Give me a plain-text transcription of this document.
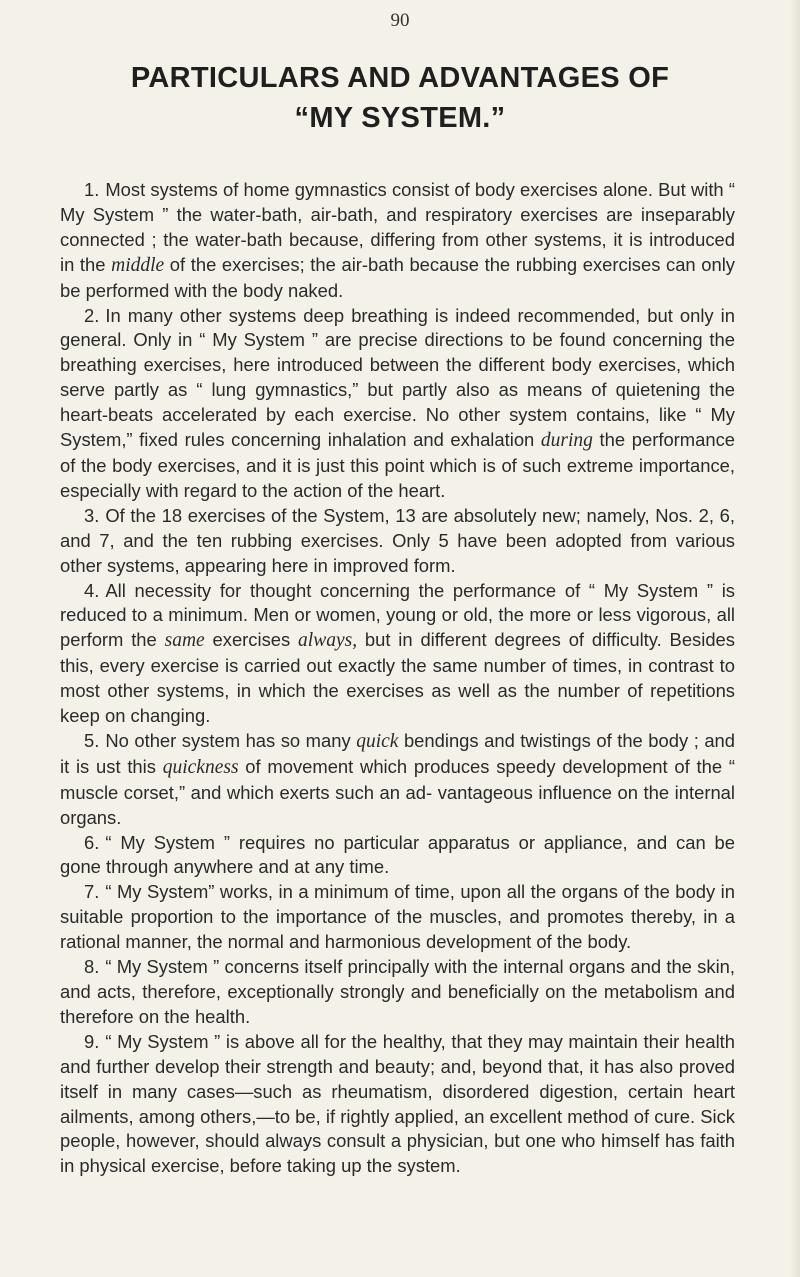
90
PARTICULARS AND ADVANTAGES OF
“MY SYSTEM.”

1. Most systems of home gymnastics consist of body exercises alone. But with “ My System ” the water-bath, air-bath, and respiratory exercises are inseparably connected ; the water-bath because, differing from other systems, it is introduced in the middle of the exercises; the air-bath because the rubbing exercises can only be performed with the body naked.

2. In many other systems deep breathing is indeed recommended, but only in general. Only in “ My System ” are precise directions to be found concerning the breathing exercises, here introduced between the different body exercises, which serve partly as “ lung gymnastics,” but partly also as means of quietening the heart-beats accelerated by each exercise. No other system contains, like “ My System,” fixed rules concerning inhalation and exhalation during the performance of the body exercises, and it is just this point which is of such extreme importance, especially with regard to the action of the heart.

3. Of the 18 exercises of the System, 13 are absolutely new; namely, Nos. 2, 6, and 7, and the ten rubbing exercises. Only 5 have been adopted from various other systems, appearing here in improved form.

4. All necessity for thought concerning the performance of “ My System ” is reduced to a minimum. Men or women, young or old, the more or less vigorous, all perform the same exercises always, but in different degrees of difficulty. Besides this, every exercise is carried out exactly the same number of times, in contrast to most other systems, in which the exercises as well as the number of repetitions keep on changing.

5. No other system has so many quick bendings and twistings of the body ; and it is ust this quickness of movement which produces speedy development of the “ muscle corset,” and which exerts such an ad- vantageous influence on the internal organs.

6. “ My System ” requires no particular apparatus or appliance, and can be gone through anywhere and at any time.

7. “ My System” works, in a minimum of time, upon all the organs of the body in suitable proportion to the importance of the muscles, and promotes thereby, in a rational manner, the normal and harmonious development of the body.

8. “ My System ” concerns itself principally with the internal organs and the skin, and acts, therefore, exceptionally strongly and beneficially on the metabolism and therefore on the health.

9. “ My System ” is above all for the healthy, that they may maintain their health and further develop their strength and beauty; and, beyond that, it has also proved itself in many cases—such as rheumatism, disordered digestion, certain heart ailments, among others,—to be, if rightly applied, an excellent method of cure. Sick people, however, should always consult a physician, but one who himself has faith in physical exercise, before taking up the system.
